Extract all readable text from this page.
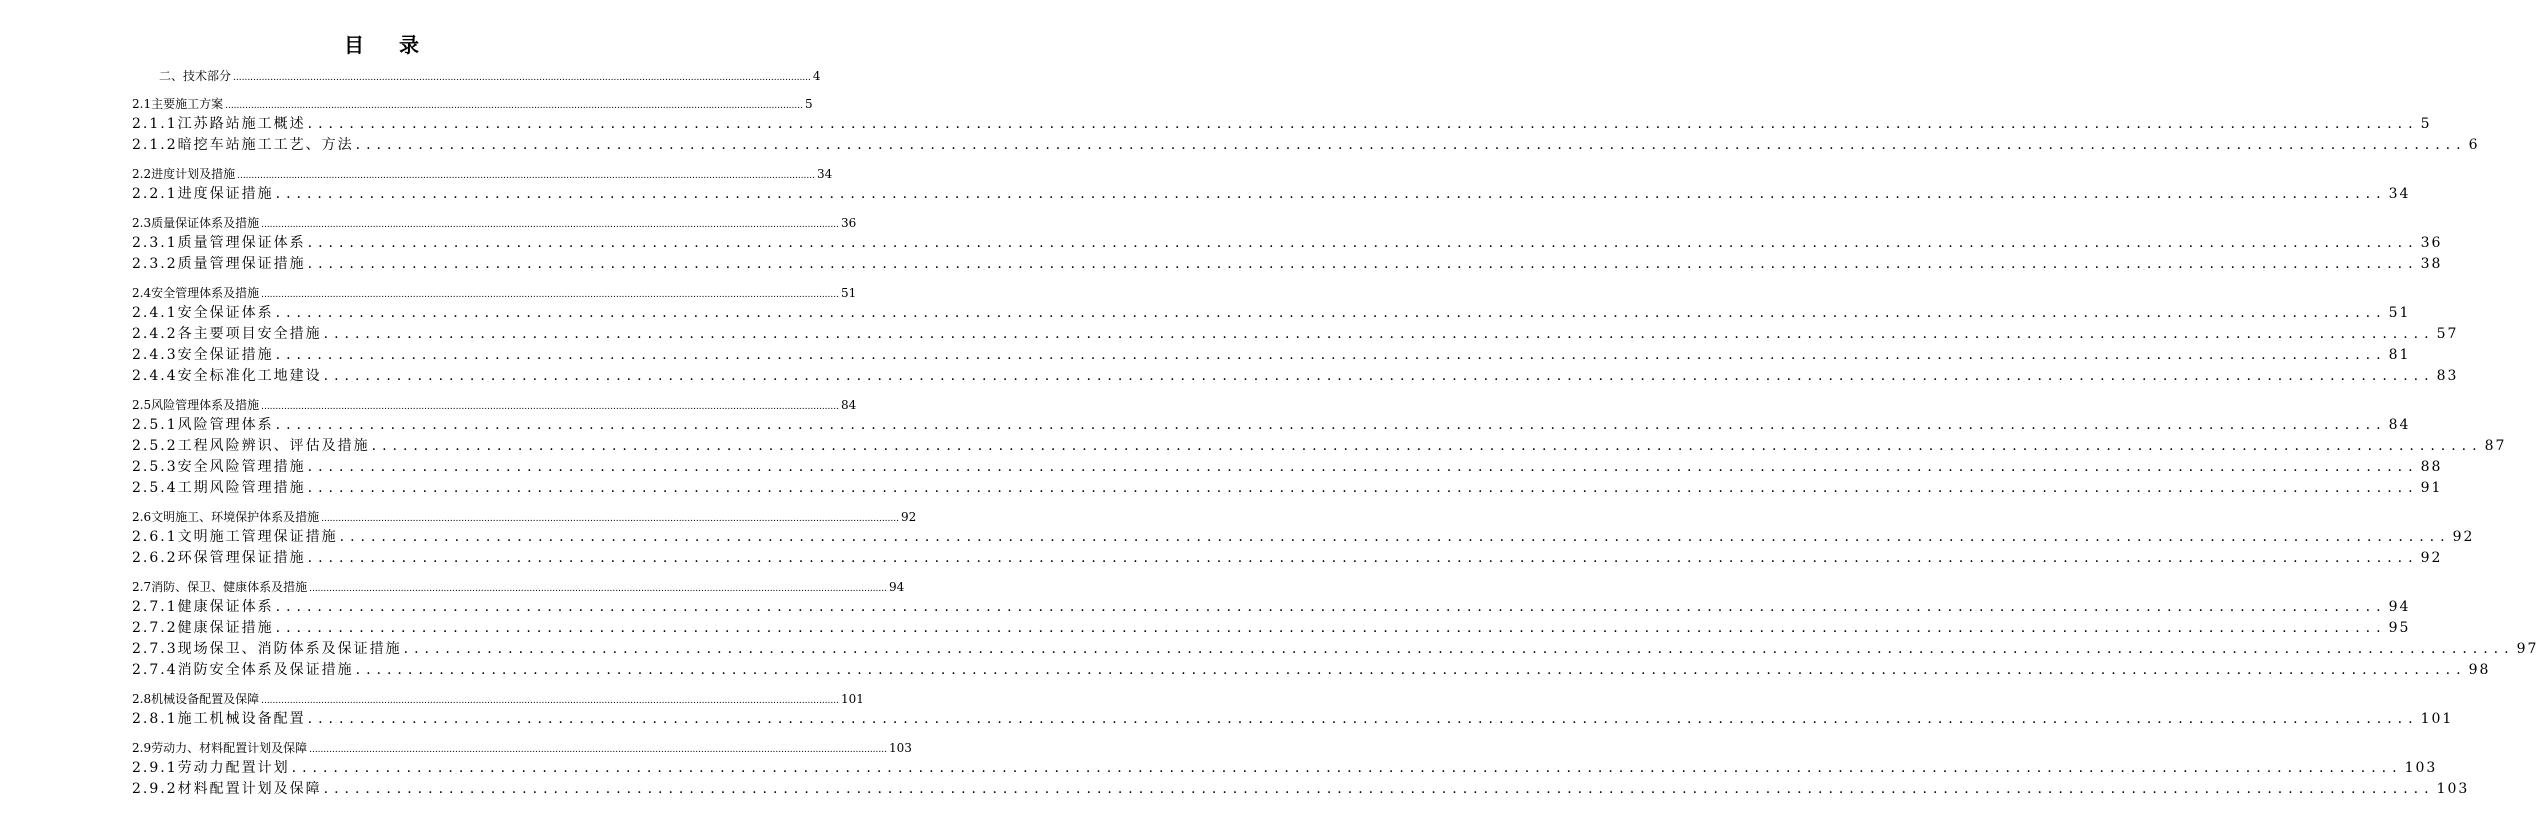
目 录
二、技术部分 .......................................................................................................................................................................................................... 4
2.1主要施工方案 .......................................................................................................................................................................................................... 5
2.1.1江苏路站施工概述 .......................................................................................................................................................................................................... 5
2.1.2暗挖车站施工工艺、方法 .......................................................................................................................................................................................................... 6
2.2进度计划及措施 .......................................................................................................................................................................................................... 34
2.2.1进度保证措施 .......................................................................................................................................................................................................... 34
2.3质量保证体系及措施 .......................................................................................................................................................................................................... 36
2.3.1质量管理保证体系 .......................................................................................................................................................................................................... 36
2.3.2质量管理保证措施 .......................................................................................................................................................................................................... 38
2.4安全管理体系及措施 .......................................................................................................................................................................................................... 51
2.4.1安全保证体系 .......................................................................................................................................................................................................... 51
2.4.2各主要项目安全措施 .......................................................................................................................................................................................................... 57
2.4.3安全保证措施 .......................................................................................................................................................................................................... 81
2.4.4安全标准化工地建设 .......................................................................................................................................................................................................... 83
2.5风险管理体系及措施 .......................................................................................................................................................................................................... 84
2.5.1风险管理体系 .......................................................................................................................................................................................................... 84
2.5.2工程风险辨识、评估及措施 .......................................................................................................................................................................................................... 87
2.5.3安全风险管理措施 .......................................................................................................................................................................................................... 88
2.5.4工期风险管理措施 .......................................................................................................................................................................................................... 91
2.6文明施工、环境保护体系及措施 .......................................................................................................................................................................................................... 92
2.6.1文明施工管理保证措施 .......................................................................................................................................................................................................... 92
2.6.2环保管理保证措施 .......................................................................................................................................................................................................... 92
2.7消防、保卫、健康体系及措施 .......................................................................................................................................................................................................... 94
2.7.1健康保证体系 .......................................................................................................................................................................................................... 94
2.7.2健康保证措施 .......................................................................................................................................................................................................... 95
2.7.3现场保卫、消防体系及保证措施 .......................................................................................................................................................................................................... 97
2.7.4消防安全体系及保证措施 .......................................................................................................................................................................................................... 98
2.8机械设备配置及保障 .......................................................................................................................................................................................................... 101
2.8.1施工机械设备配置 .......................................................................................................................................................................................................... 101
2.9劳动力、材料配置计划及保障 .......................................................................................................................................................................................................... 103
2.9.1劳动力配置计划 .......................................................................................................................................................................................................... 103
2.9.2材料配置计划及保障 .......................................................................................................................................................................................................... 103
